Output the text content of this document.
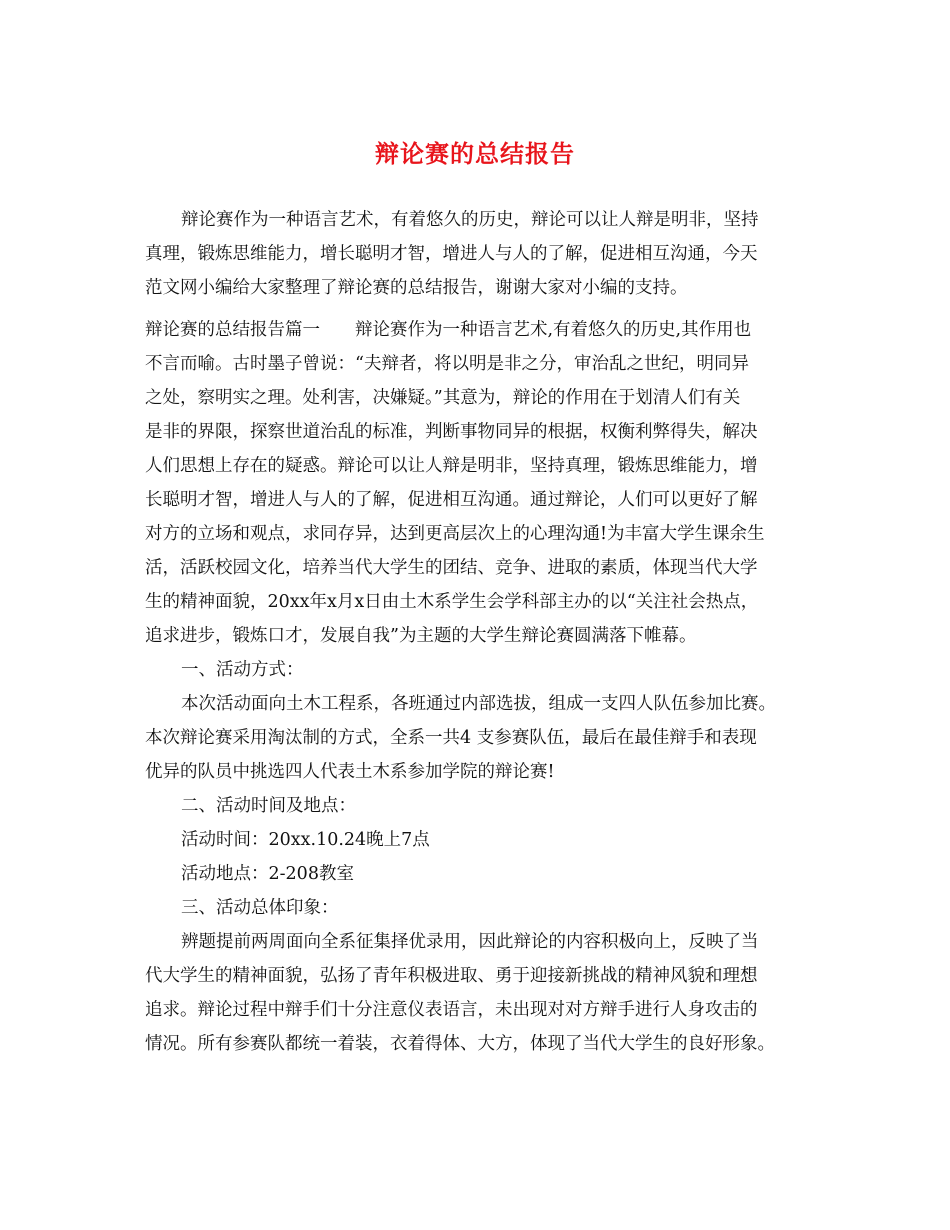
辩论赛的总结报告
辩论赛作为一种语言艺术，有着悠久的历史，辩论可以让人辩是明非，坚持
真理，锻炼思维能力，增长聪明才智，增进人与人的了解，促进相互沟通，今天
范文网小编给大家整理了辩论赛的总结报告，谢谢大家对小编的支持。
辩论赛的总结报告篇一　　辩论赛作为一种语言艺术,有着悠久的历史,其作用也
不言而喻。古时墨子曾说：“夫辩者，将以明是非之分，审治乱之世纪，明同异
之处，察明实之理。处利害，决嫌疑。”其意为，辩论的作用在于划清人们有关
是非的界限，探察世道治乱的标准，判断事物同异的根据，权衡利弊得失，解决
人们思想上存在的疑惑。辩论可以让人辩是明非，坚持真理，锻炼思维能力，增
长聪明才智，增进人与人的了解，促进相互沟通。通过辩论，人们可以更好了解
对方的立场和观点，求同存异，达到更高层次上的心理沟通!为丰富大学生课余生
活，活跃校园文化，培养当代大学生的团结、竞争、进取的素质，体现当代大学
生的精神面貌，20xx年x月x日由土木系学生会学科部主办的以“关注社会热点，
追求进步，锻炼口才，发展自我”为主题的大学生辩论赛圆满落下帷幕。
一、活动方式：
本次活动面向土木工程系，各班通过内部选拔，组成一支四人队伍参加比赛。
本次辩论赛采用淘汰制的方式，全系一共4 支参赛队伍，最后在最佳辩手和表现
优异的队员中挑选四人代表土木系参加学院的辩论赛!
二、活动时间及地点：
活动时间：20xx.10.24晚上7点
活动地点：2-208教室
三、活动总体印象：
辨题提前两周面向全系征集择优录用，因此辩论的内容积极向上，反映了当
代大学生的精神面貌，弘扬了青年积极进取、勇于迎接新挑战的精神风貌和理想
追求。辩论过程中辩手们十分注意仪表语言，未出现对对方辩手进行人身攻击的
情况。所有参赛队都统一着装，衣着得体、大方，体现了当代大学生的良好形象。
